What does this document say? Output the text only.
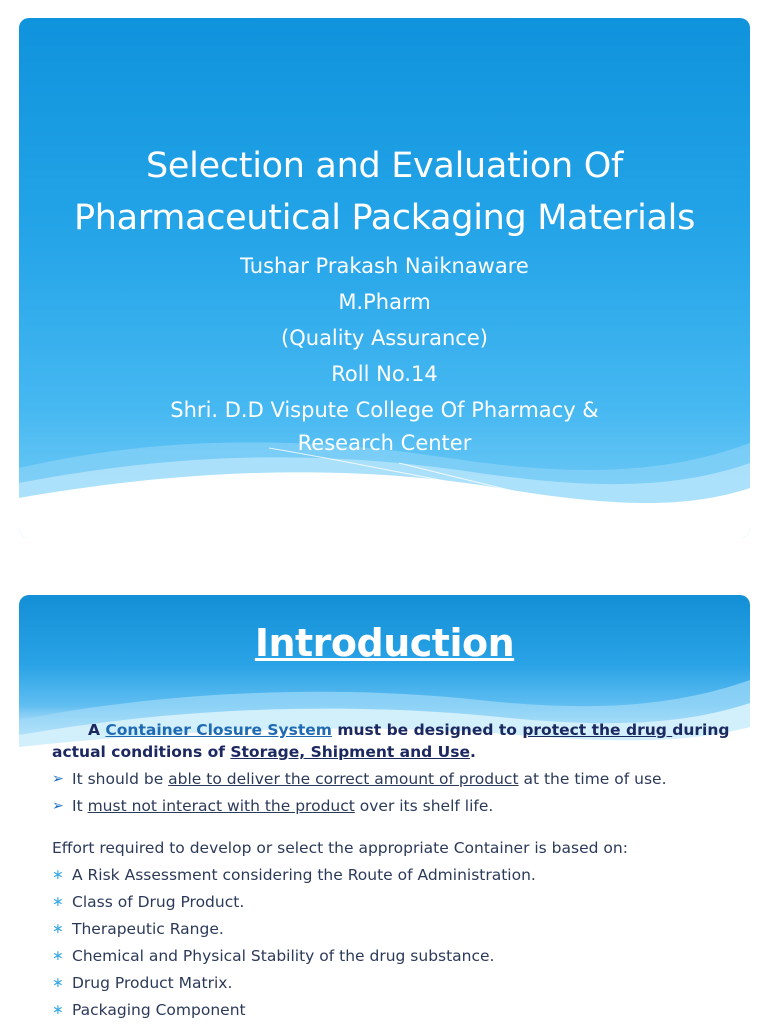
Selection and Evaluation Of
Pharmaceutical Packaging Materials
Tushar Prakash Naiknaware
M.Pharm
(Quality Assurance)
Roll No.14
Shri. D.D Vispute College Of Pharmacy &
Research Center
Introduction

A Container Closure System must be designed to protect the drug during actual conditions of Storage, Shipment and Use.

➢ It should be able to deliver the correct amount of product at the time of use.
➢ It must not interact with the product over its shelf life.
Effort required to develop or select the appropriate Container is based on:
∗ A Risk Assessment considering the Route of Administration.
∗ Class of Drug Product.
∗ Therapeutic Range.
∗ Chemical and Physical Stability of the drug substance.
∗ Drug Product Matrix.
∗ Packaging Component
